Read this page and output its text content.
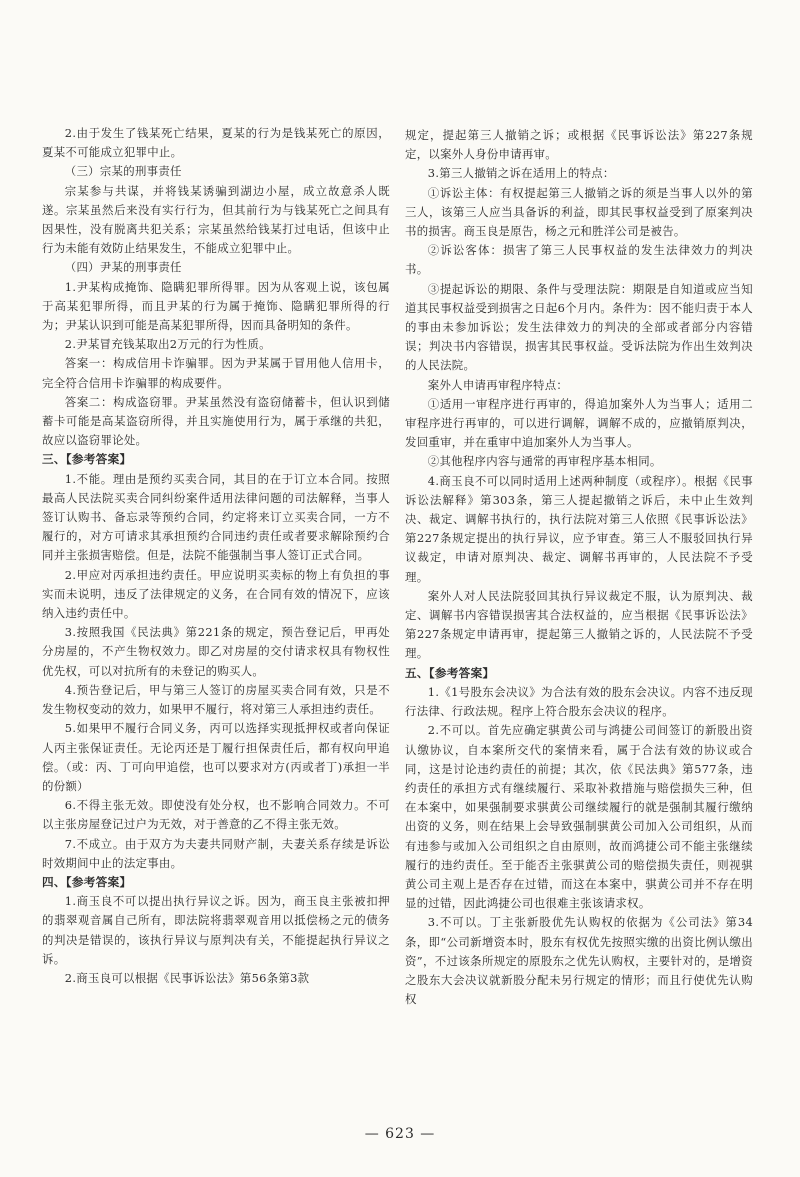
2.由于发生了钱某死亡结果，夏某的行为是钱某死亡的原因，夏某不可能成立犯罪中止。

（三）宗某的刑事责任

宗某参与共谋，并将钱某诱骗到湖边小屋，成立故意杀人既遂。宗某虽然后来没有实行行为，但其前行为与钱某死亡之间具有因果性，没有脱离共犯关系；宗某虽然给钱某打过电话，但该中止行为未能有效防止结果发生，不能成立犯罪中止。

（四）尹某的刑事责任

1.尹某构成掩饰、隐瞒犯罪所得罪。因为从客观上说，该包属于高某犯罪所得，而且尹某的行为属于掩饰、隐瞒犯罪所得的行为；尹某认识到可能是高某犯罪所得，因而具备明知的条件。

2.尹某冒充钱某取出2万元的行为性质。

答案一：构成信用卡诈骗罪。因为尹某属于冒用他人信用卡，完全符合信用卡诈骗罪的构成要件。

答案二：构成盗窃罪。尹某虽然没有盗窃储蓄卡，但认识到储蓄卡可能是高某盗窃所得，并且实施使用行为，属于承继的共犯，故应以盗窃罪论处。

三、【参考答案】

1.不能。理由是预约买卖合同，其目的在于订立本合同。按照最高人民法院买卖合同纠纷案件适用法律问题的司法解释，当事人签订认购书、备忘录等预约合同，约定将来订立买卖合同，一方不履行的，对方可请求其承担预约合同违约责任或者要求解除预约合同并主张损害赔偿。但是，法院不能强制当事人签订正式合同。

2.甲应对丙承担违约责任。甲应说明买卖标的物上有负担的事实而未说明，违反了法律规定的义务，在合同有效的情况下，应该纳入违约责任中。

3.按照我国《民法典》第221条的规定，预告登记后，甲再处分房屋的，不产生物权效力。即乙对房屋的交付请求权具有物权性优先权，可以对抗所有的未登记的购买人。

4.预告登记后，甲与第三人签订的房屋买卖合同有效，只是不发生物权变动的效力，如果甲不履行，将对第三人承担违约责任。

5.如果甲不履行合同义务，丙可以选择实现抵押权或者向保证人丙主张保证责任。无论丙还是丁履行担保责任后，都有权向甲追偿。（或：丙、丁可向甲追偿，也可以要求对方(丙或者丁)承担一半的份额）

6.不得主张无效。即使没有处分权，也不影响合同效力。不可以主张房屋登记过户为无效，对于善意的乙不得主张无效。

7.不成立。由于双方为夫妻共同财产制，夫妻关系存续是诉讼时效期间中止的法定事由。

四、【参考答案】

1.商玉良不可以提出执行异议之诉。因为，商玉良主张被扣押的翡翠观音属自己所有，即法院将翡翠观音用以抵偿杨之元的债务的判决是错误的，该执行异议与原判决有关，不能提起执行异议之诉。

2.商玉良可以根据《民事诉讼法》第56条第3款

规定，提起第三人撤销之诉；或根据《民事诉讼法》第227条规定，以案外人身份申请再审。

3.第三人撤销之诉在适用上的特点：

①诉讼主体：有权提起第三人撤销之诉的须是当事人以外的第三人，该第三人应当具备诉的利益，即其民事权益受到了原案判决书的损害。商玉良是原告，杨之元和胜洋公司是被告。

②诉讼客体：损害了第三人民事权益的发生法律效力的判决书。

③提起诉讼的期限、条件与受理法院：期限是自知道或应当知道其民事权益受到损害之日起6个月内。条件为：因不能归责于本人的事由未参加诉讼；发生法律效力的判决的全部或者部分内容错误；判决书内容错误，损害其民事权益。受诉法院为作出生效判决的人民法院。

案外人申请再审程序特点：

①适用一审程序进行再审的，得追加案外人为当事人；适用二审程序进行再审的，可以进行调解，调解不成的，应撤销原判决，发回重审，并在重审中追加案外人为当事人。

②其他程序内容与通常的再审程序基本相同。

4.商玉良不可以同时适用上述两种制度（或程序）。根据《民事诉讼法解释》第303条，第三人提起撤销之诉后，未中止生效判决、裁定、调解书执行的，执行法院对第三人依照《民事诉讼法》第227条规定提出的执行异议，应予审查。第三人不服驳回执行异议裁定，申请对原判决、裁定、调解书再审的，人民法院不予受理。

案外人对人民法院驳回其执行异议裁定不服，认为原判决、裁定、调解书内容错误损害其合法权益的，应当根据《民事诉讼法》第227条规定申请再审，提起第三人撤销之诉的，人民法院不予受理。

五、【参考答案】

1.《1号股东会决议》为合法有效的股东会决议。内容不违反现行法律、行政法规。程序上符合股东会决议的程序。

2.不可以。首先应确定骐黄公司与鸿捷公司间签订的新股出资认缴协议，自本案所交代的案情来看，属于合法有效的协议或合同，这是讨论违约责任的前提；其次，依《民法典》第577条，违约责任的承担方式有继续履行、采取补救措施与赔偿损失三种，但在本案中，如果强制要求骐黄公司继续履行的就是强制其履行缴纳出资的义务，则在结果上会导致强制骐黄公司加入公司组织，从而有违参与或加入公司组织之自由原则，故而鸿捷公司不能主张继续履行的违约责任。至于能否主张骐黄公司的赔偿损失责任，则视骐黄公司主观上是否存在过错，而这在本案中，骐黄公司并不存在明显的过错，因此鸿捷公司也很难主张该请求权。

3.不可以。丁主张新股优先认购权的依据为《公司法》第34条，即“公司新增资本时，股东有权优先按照实缴的出资比例认缴出资”，不过该条所规定的原股东之优先认购权，主要针对的，是增资之股东大会决议就新股分配未另行规定的情形；而且行使优先认购权

— 623 —
